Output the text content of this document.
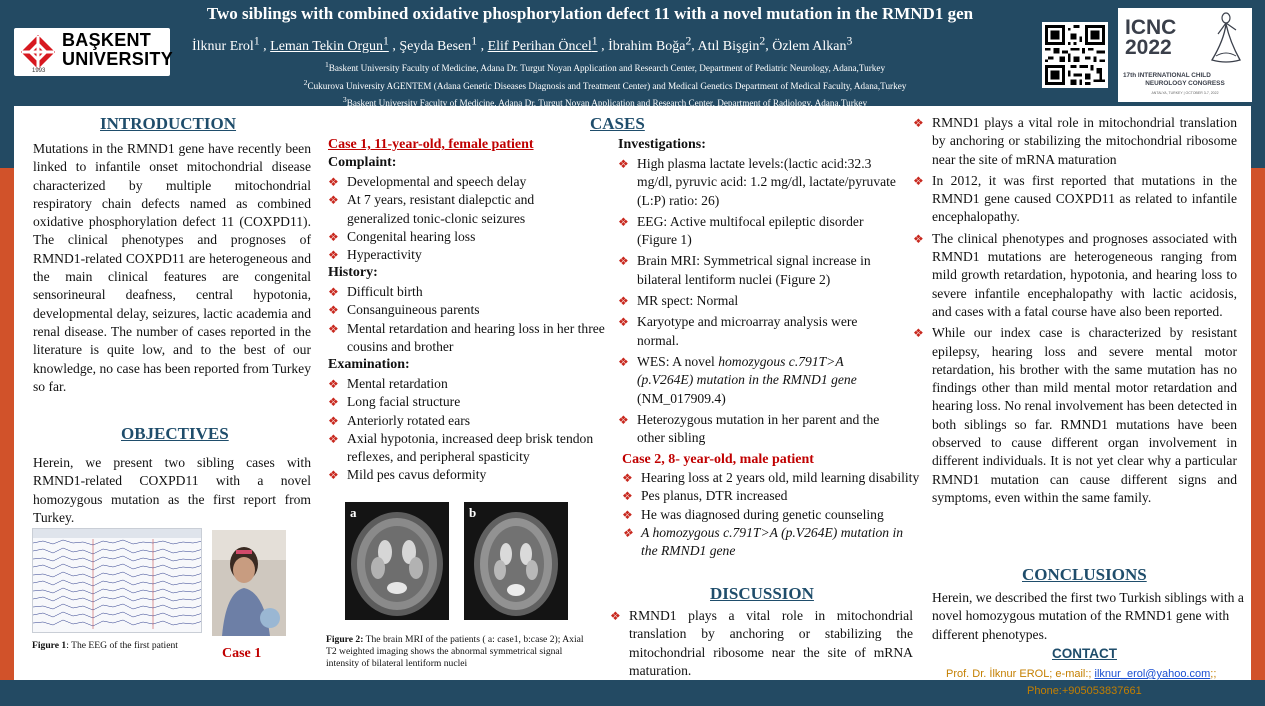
Two siblings with combined oxidative phosphorylation defect 11 with a novel mutation in the RMND1 gen
1993
BAŞKENT
UNIVERSITY
İlknur Erol$^1$ , Leman Tekin Orgun$^1$ , Şeyda Besen$^1$ , Elif Perihan Öncel$^1$ , İbrahim Boğa$^2$, Atıl Bişgin$^2$, Özlem Alkan$^3$
$^1$Baskent University Faculty of Medicine, Adana Dr. Turgut Noyan Application and Research Center, Department of Pediatric Neurology, Adana,Turkey
$^2$Cukurova University AGENTEM (Adana Genetic Diseases Diagnosis and Treatment Center) and Medical Genetics Department of Medical Faculty, Adana,Turkey
$^3$Baskent University Faculty of Medicine, Adana Dr. Turgut Noyan Application and Research Center, Department of Radiology, Adana,Turkey
ICNC
2022
17th INTERNATIONAL CHILD
NEUROLOGY CONGRESS
ANTALYA, TURKEY | OCTOBER 3-7, 2022
INTRODUCTION
Mutations in the RMND1 gene have recently been linked to infantile onset mitochondrial disease characterized by multiple mitochondrial respiratory chain defects named as combined oxidative phosphorylation defect 11 (COXPD11). The clinical phenotypes and prognoses of RMND1-related COXPD11 are heterogeneous and the main clinical features are congenital sensorineural deafness, central hypotonia, developmental delay, seizures, lactic academia and renal disease. The number of cases reported in the literature is quite low, and to the best of our knowledge, no case has been reported from Turkey so far.
OBJECTIVES
Herein, we present two sibling cases with RMND1-related COXPD11 with a novel homozygous mutation as the first report from Turkey.
Figure 1: The EEG of the first patient
Case 1
Case 1, 11-year-old, female patient
Complaint:
❖ Developmental and speech delay
❖ At 7 years, resistant dialepctic and generalized tonic-clonic seizures
❖ Congenital hearing loss
❖ Hyperactivity
History:
❖ Difficult birth
❖ Consanguineous parents
❖ Mental retardation and hearing loss in her three cousins and brother
Examination:
❖ Mental retardation
❖ Long facial structure
❖ Anteriorly rotated ears
❖ Axial hypotonia, increased deep brisk tendon reflexes, and peripheral spasticity
❖ Mild pes cavus deformity
a	b
Figure 2: The brain MRI of the patients ( a: case1, b:case 2); Axial T2 weighted imaging shows the abnormal symmetrical signal intensity of bilateral lentiform nuclei
CASES
Investigations:
❖ High plasma lactate levels:(lactic acid:32.3 mg/dl, pyruvic acid: 1.2 mg/dl, lactate/pyruvate (L:P) ratio: 26)
❖ EEG: Active multifocal epileptic disorder (Figure 1)
❖ Brain MRI: Symmetrical signal increase in bilateral lentiform nuclei (Figure 2)
❖ MR spect: Normal
❖ Karyotype and microarray analysis were normal.
❖ WES: A novel homozygous c.791T>A (p.V264E) mutation in the RMND1 gene (NM_017909.4)
❖ Heterozygous mutation in her parent and the other sibling
Case 2, 8- year-old, male patient
❖ Hearing loss at 2 years old, mild learning disability
❖ Pes planus, DTR increased
❖ He was diagnosed during genetic counseling
❖ A homozygous c.791T>A (p.V264E) mutation in the RMND1 gene
DISCUSSION
❖ RMND1 plays a vital role in mitochondrial translation by anchoring or stabilizing the mitochondrial ribosome near the site of mRNA maturation.
❖ RMND1 plays a vital role in mitochondrial translation by anchoring or stabilizing the mitochondrial ribosome near the site of mRNA maturation
❖ In 2012, it was first reported that mutations in the RMND1 gene caused COXPD11 as related to infantile encephalopathy.
❖ The clinical phenotypes and prognoses associated with RMND1 mutations are heterogeneous ranging from mild growth retardation, hypotonia, and hearing loss to severe infantile encephalopathy with lactic acidosis, and cases with a fatal course have also been reported.
❖ While our index case is characterized by resistant epilepsy, hearing loss and severe mental motor retardation, his brother with the same mutation has no findings other than mild mental motor retardation and hearing loss. No renal involvement has been detected in both siblings so far. RMND1 mutations have been observed to cause different organ involvement in different individuals. It is not yet clear why a particular RMND1 mutation can cause different signs and symptoms, even within the same family.
CONCLUSIONS
Herein, we described the first two Turkish siblings with a novel homozygous mutation of the RMND1 gene with different phenotypes.
CONTACT
Prof. Dr. İlknur EROL; e-mail:; ilknur_erol@yahoo.com;;
Phone:+905053837661
